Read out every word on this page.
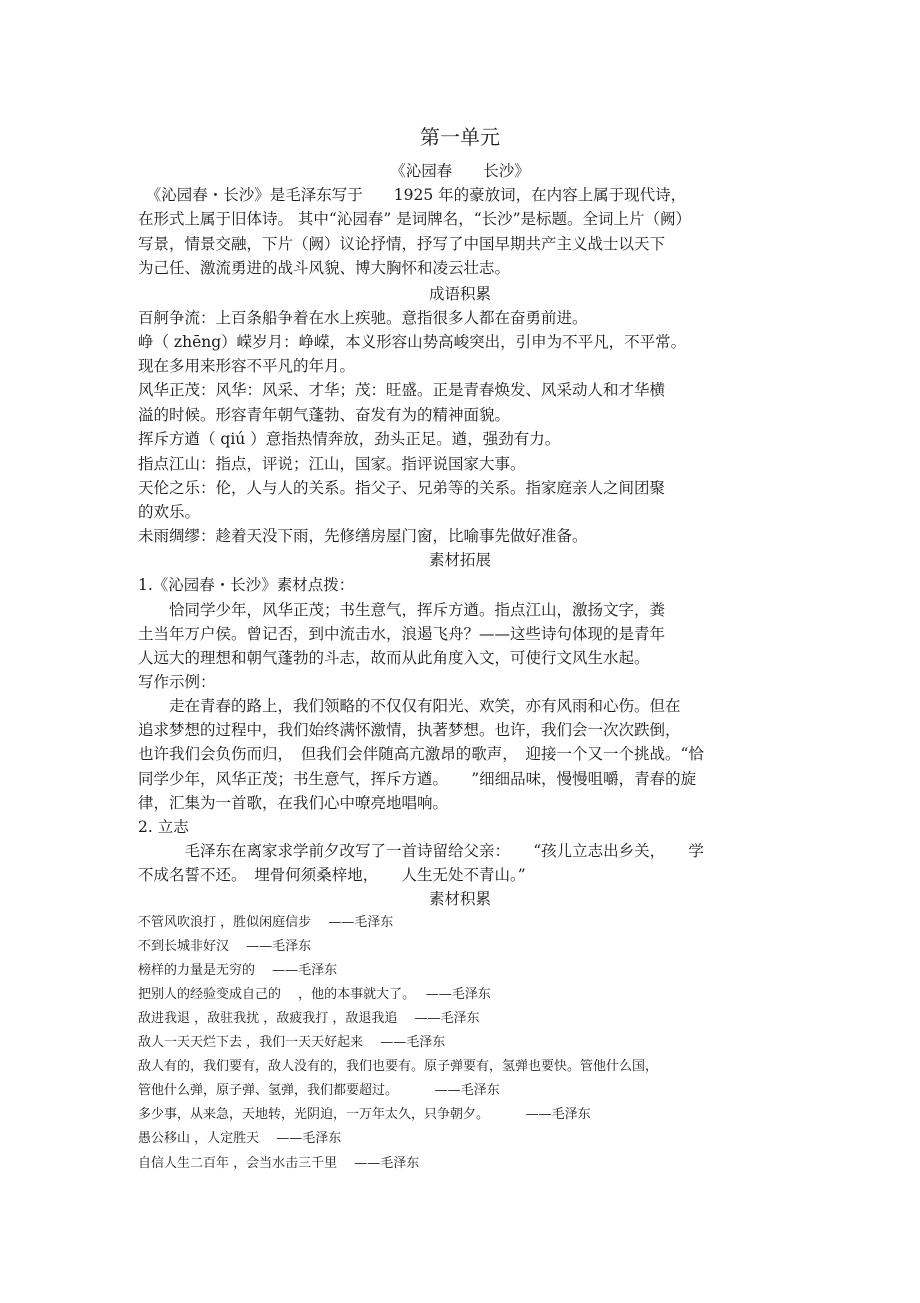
第一单元
《沁园春　　长沙》
　《沁园春・长沙》是毛泽东写于　　1925 年的豪放词，在内容上属于现代诗，
在形式上属于旧体诗。 其中“沁园春” 是词牌名，“长沙”是标题。全词上片（阙）
写景，情景交融，下片（阙）议论抒情，抒写了中国早期共产主义战士以天下
为己任、激流勇进的战斗风貌、博大胸怀和凌云壮志。
成语积累
百舸争流：上百条船争着在水上疾驰。意指很多人都在奋勇前进。
峥（ zhēng）嵘岁月：峥嵘，本义形容山势高峻突出，引申为不平凡，不平常。
现在多用来形容不平凡的年月。
风华正茂：风华：风采、才华；茂：旺盛。正是青春焕发、风采动人和才华横
溢的时候。形容青年朝气蓬勃、奋发有为的精神面貌。
挥斥方遒（ qiú ）意指热情奔放，劲头正足。遒，强劲有力。
指点江山：指点，评说；江山，国家。指评说国家大事。
天伦之乐：伦，人与人的关系。指父子、兄弟等的关系。指家庭亲人之间团聚
的欢乐。
未雨绸缪：趁着天没下雨，先修缮房屋门窗，比喻事先做好准备。
素材拓展
1.《沁园春・长沙》素材点拨：
　　恰同学少年，风华正茂；书生意气，挥斥方遒。指点江山，激扬文字，粪
土当年万户侯。曾记否，到中流击水，浪遏飞舟？——这些诗句体现的是青年
人远大的理想和朝气蓬勃的斗志，故而从此角度入文，可使行文风生水起。
写作示例：
　　走在青春的路上，我们领略的不仅仅有阳光、欢笑，亦有风雨和心伤。但在
追求梦想的过程中，我们始终满怀激情，执著梦想。也许，我们会一次次跌倒，
也许我们会负伤而归，　但我们会伴随高亢激昂的歌声，　迎接一个又一个挑战。“恰
同学少年，风华正茂；书生意气，挥斥方遒。　　”细细品味，慢慢咀嚼，青春的旋
律，汇集为一首歌，在我们心中嘹亮地唱响。
2. 立志
　　　毛泽东在离家求学前夕改写了一首诗留给父亲：　　“孩儿立志出乡关，　　学
不成名誓不还。　埋骨何须桑梓地，　　人生无处不青山。”
素材积累
不管风吹浪打 ，胜似闲庭信步　 ——毛泽东
不到长城非好汉　 ——毛泽东
榜样的力量是无穷的　 ——毛泽东
把别人的经验变成自己的　 ，他的本事就大了。　 ——毛泽东
敌进我退 ，敌驻我扰 ，敌疲我打 ，敌退我追　 ——毛泽东
敌人一天天烂下去 ，我们一天天好起来　 ——毛泽东
敌人有的，我们要有，敌人没有的，我们也要有。原子弹要有，氢弹也要快。管他什么国，
管他什么弹，原子弹、氢弹，我们都要超过。　　　 ——毛泽东
多少事，从来急，天地转，光阴迫，一万年太久，只争朝夕。　　　 ——毛泽东
愚公移山 ，人定胜天　 ——毛泽东
自信人生二百年 ，会当水击三千里　 ——毛泽东
